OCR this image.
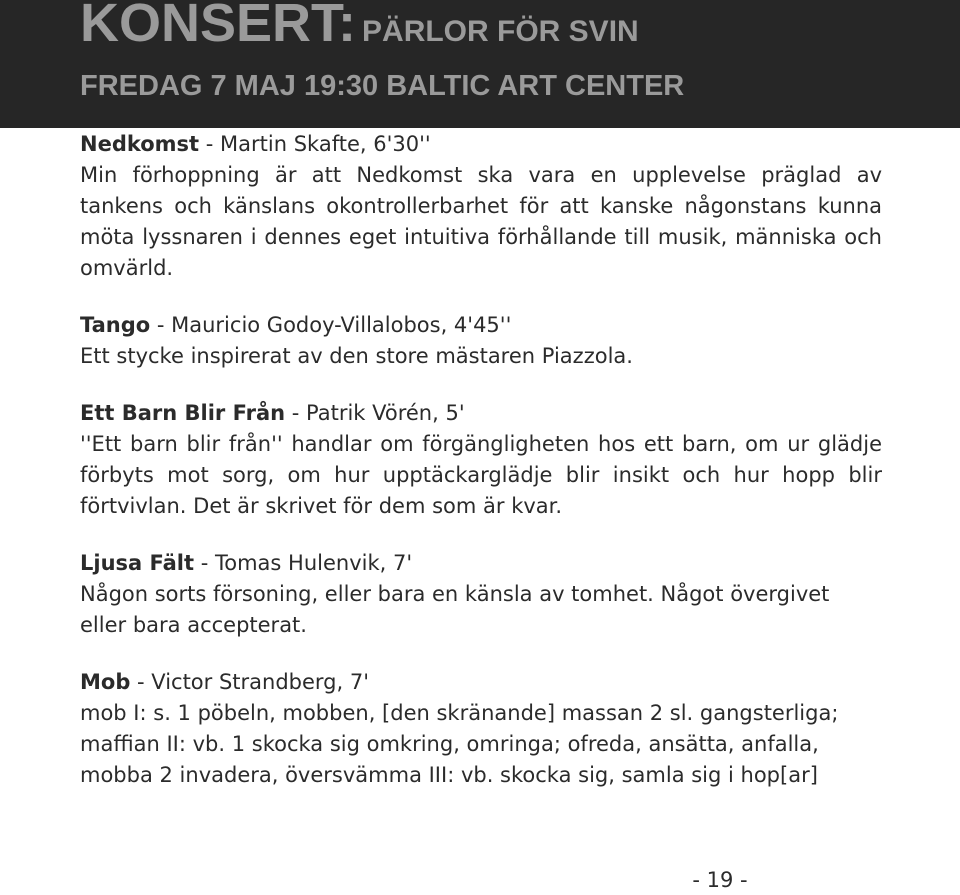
KONSERT: PÄRLOR FÖR SVIN
FREDAG 7 MAJ 19:30 BALTIC ART CENTER
Nedkomst - Martin Skafte, 6'30''

Min förhoppning är att Nedkomst ska vara en upplevelse präglad av tankens och känslans okontrollerbarhet för att kanske någonstans kunna möta lyssnaren i dennes eget intuitiva förhållande till musik, människa och omvärld.

Tango - Mauricio Godoy-Villalobos, 4'45''

Ett stycke inspirerat av den store mästaren Piazzola.

Ett Barn Blir Från - Patrik Vörén, 5'

''Ett barn blir från'' handlar om förgängligheten hos ett barn, om ur glädje förbyts mot sorg, om hur upptäckarglädje blir insikt och hur hopp blir förtvivlan. Det är skrivet för dem som är kvar.

Ljusa Fält - Tomas Hulenvik, 7'

Någon sorts försoning, eller bara en känsla av tomhet. Något övergivet eller bara accepterat.

Mob - Victor Strandberg, 7'

mob I: s. 1 pöbeln, mobben, [den skränande] massan 2 sl. gangsterliga; maffian II: vb. 1 skocka sig omkring, omringa; ofreda, ansätta, anfalla, mobba 2 invadera, översvämma III: vb. skocka sig, samla sig i hop[ar]

- 19 -
